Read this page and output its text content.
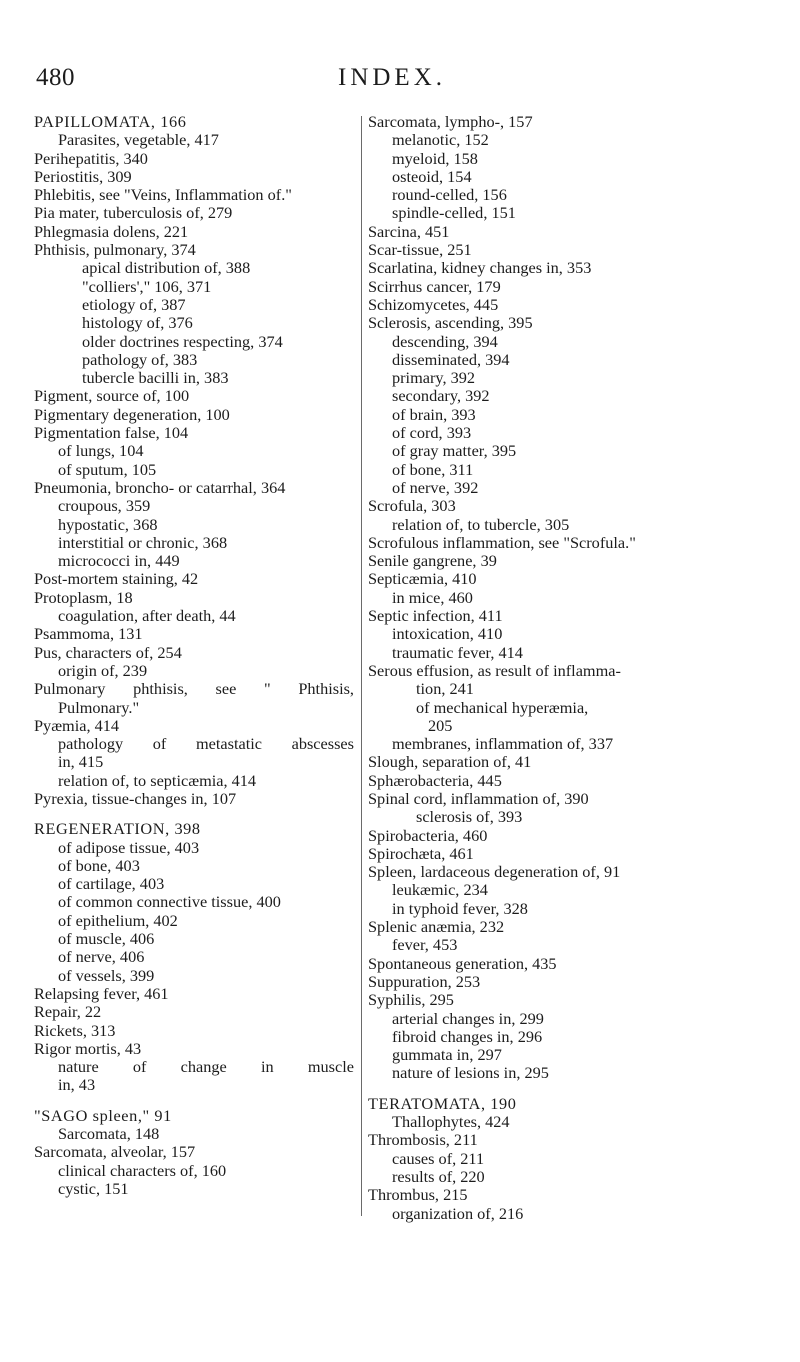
480	INDEX.
PAPILLOMATA, 166
Parasites, vegetable, 417
Perihepatitis, 340
Periostitis, 309
Phlebitis, see "Veins, Inflammation of."
Pia mater, tuberculosis of, 279
Phlegmasia dolens, 221
Phthisis, pulmonary, 374
apical distribution of, 388
"colliers'," 106, 371
etiology of, 387
histology of, 376
older doctrines respecting, 374
pathology of, 383
tubercle bacilli in, 383
Pigment, source of, 100
Pigmentary degeneration, 100
Pigmentation false, 104
of lungs, 104
of sputum, 105
Pneumonia, broncho- or catarrhal, 364
croupous, 359
hypostatic, 368
interstitial or chronic, 368
micrococci in, 449
Post-mortem staining, 42
Protoplasm, 18
coagulation, after death, 44
Psammoma, 131
Pus, characters of, 254
origin of, 239
Pulmonary phthisis, see " Phthisis,
Pulmonary."
Pyæmia, 414
pathology of metastatic abscesses
in, 415
relation of, to septicæmia, 414
Pyrexia, tissue-changes in, 107
REGENERATION, 398
of adipose tissue, 403
of bone, 403
of cartilage, 403
of common connective tissue, 400
of epithelium, 402
of muscle, 406
of nerve, 406
of vessels, 399
Relapsing fever, 461
Repair, 22
Rickets, 313
Rigor mortis, 43
nature of change in muscle
in, 43
"SAGO spleen," 91
Sarcomata, 148
Sarcomata, alveolar, 157
clinical characters of, 160
cystic, 151
Sarcomata, lympho-, 157
melanotic, 152
myeloid, 158
osteoid, 154
round-celled, 156
spindle-celled, 151
Sarcina, 451
Scar-tissue, 251
Scarlatina, kidney changes in, 353
Scirrhus cancer, 179
Schizomycetes, 445
Sclerosis, ascending, 395
descending, 394
disseminated, 394
primary, 392
secondary, 392
of brain, 393
of cord, 393
of gray matter, 395
of bone, 311
of nerve, 392
Scrofula, 303
relation of, to tubercle, 305
Scrofulous inflammation, see "Scrofula."
Senile gangrene, 39
Septicæmia, 410
in mice, 460
Septic infection, 411
intoxication, 410
traumatic fever, 414
Serous effusion, as result of inflamma-
tion, 241
of mechanical hyperæmia,
205
membranes, inflammation of, 337
Slough, separation of, 41
Sphærobacteria, 445
Spinal cord, inflammation of, 390
sclerosis of, 393
Spirobacteria, 460
Spirochæta, 461
Spleen, lardaceous degeneration of, 91
leukæmic, 234
in typhoid fever, 328
Splenic anæmia, 232
fever, 453
Spontaneous generation, 435
Suppuration, 253
Syphilis, 295
arterial changes in, 299
fibroid changes in, 296
gummata in, 297
nature of lesions in, 295
TERATOMATA, 190
Thallophytes, 424
Thrombosis, 211
causes of, 211
results of, 220
Thrombus, 215
organization of, 216
